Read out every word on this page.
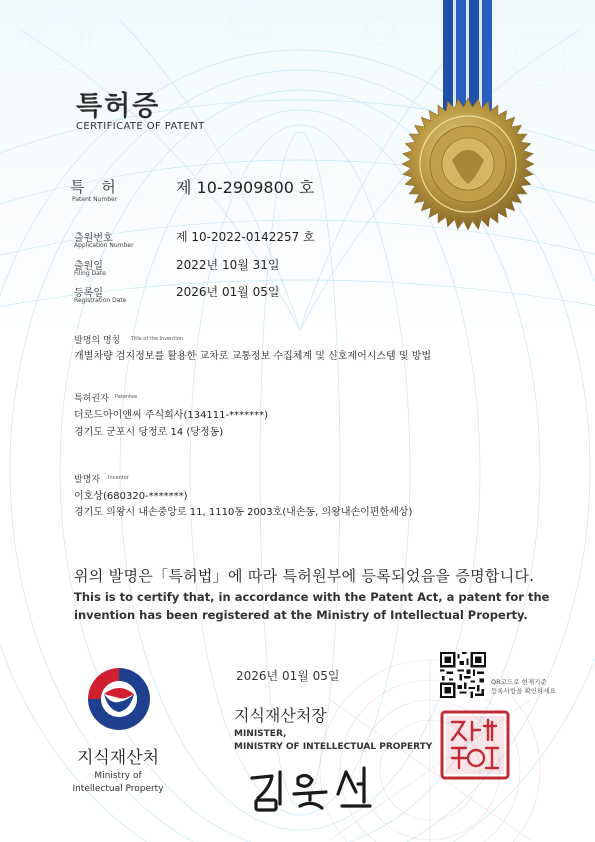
특허증
CERTIFICATE OF PATENT
특 허
Patent Number
제 10-2909800 호
출원번호
Application Number
제 10-2022-0142257 호
출원일
Filing Date
2022년 10월 31일
등록일
Registration Date
2026년 01월 05일
발명의 명칭 Title of the Invention
개별차량 검지정보를 활용한 교차로 교통정보 수집체계 및 신호제어시스템 및 방법
특허권자 Patentee
더로드아이앤씨 주식회사(134111-*******)
경기도 군포시 당정로 14 (당정동)
발명자 Inventor
이호상(680320-*******)
경기도 의왕시 내손중앙로 11, 1110동 2003호(내손동, 의왕내손이편한세상)
위의 발명은「특허법」에 따라 특허원부에 등록되었음을 증명합니다.
This is to certify that, in accordance with the Patent Act, a patent for the
invention has been registered at the Ministry of Intellectual Property.
지식재산처
Ministry of
Intellectual Property
2026년 01월 05일
지식재산처장
MINISTER,
MINISTRY OF INTELLECTUAL PROPERTY
QR코드로 현재기준
등록사항을 확인하세요
